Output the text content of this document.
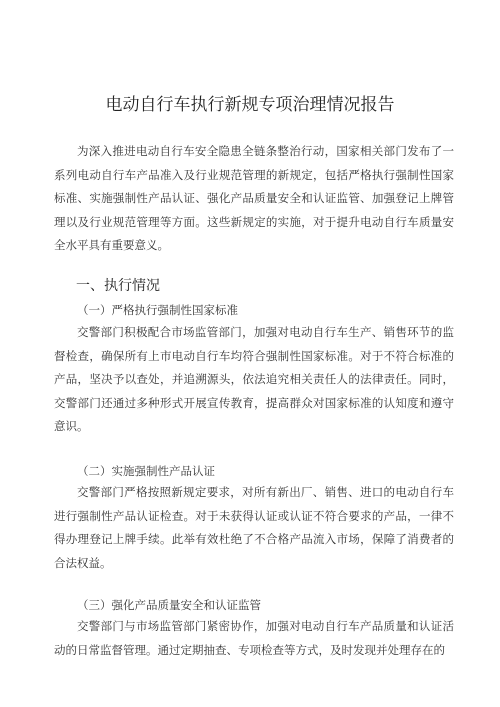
电动自行车执行新规专项治理情况报告

为深入推进电动自行车安全隐患全链条整治行动，国家相关部门发布了一系列电动自行车产品准入及行业规范管理的新规定，包括严格执行强制性国家标准、实施强制性产品认证、强化产品质量安全和认证监管、加强登记上牌管理以及行业规范管理等方面。这些新规定的实施，对于提升电动自行车质量安全水平具有重要意义。

一、执行情况
（一）严格执行强制性国家标准

交警部门积极配合市场监管部门，加强对电动自行车生产、销售环节的监督检查，确保所有上市电动自行车均符合强制性国家标准。对于不符合标准的产品，坚决予以查处，并追溯源头，依法追究相关责任人的法律责任。同时，交警部门还通过多种形式开展宣传教育，提高群众对国家标准的认知度和遵守意识。

（二）实施强制性产品认证

交警部门严格按照新规定要求，对所有新出厂、销售、进口的电动自行车进行强制性产品认证检查。对于未获得认证或认证不符合要求的产品，一律不得办理登记上牌手续。此举有效杜绝了不合格产品流入市场，保障了消费者的合法权益。

（三）强化产品质量安全和认证监管

交警部门与市场监管部门紧密协作，加强对电动自行车产品质量和认证活动的日常监督管理。通过定期抽查、专项检查等方式，及时发现并处理存在的
